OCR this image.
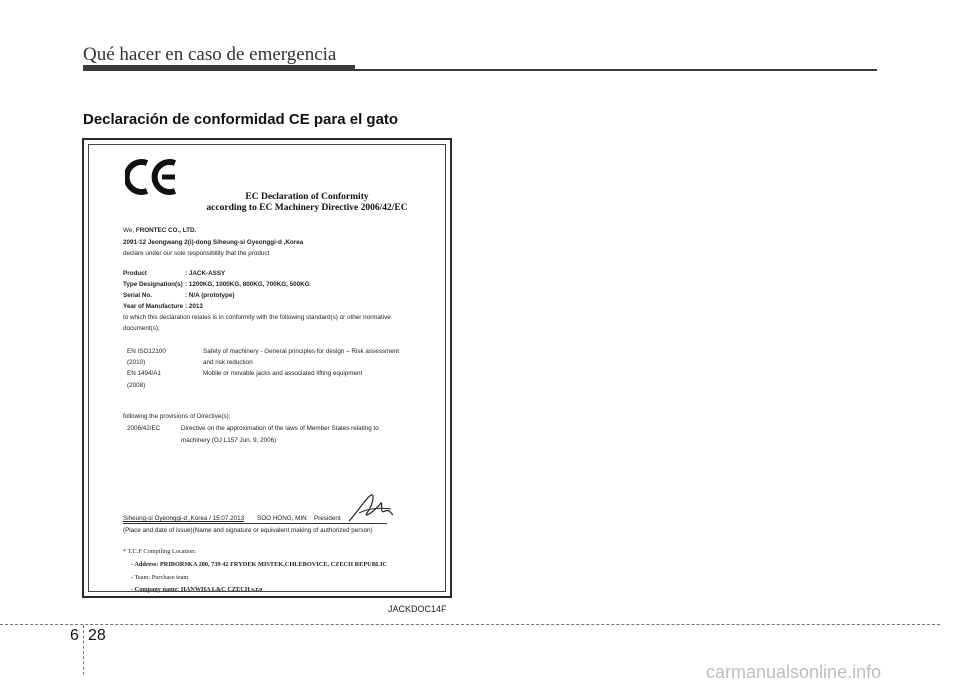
Qué hacer en caso de emergencia
Declaración de conformidad CE para el gato
EC Declaration of Conformity
according to EC Machinery Directive 2006/42/EC
We, FRONTEC CO., LTD.
2091-12 Jeongwang 2(i)-dong Siheung-si Gyeonggi-d ,Korea
declare under our sole responsibility that the product
Product	: JACK-ASSY
Type Designation(s) : 1200KG, 1000KG, 800KG, 700KG, 500KG
Serial No.	: N/A (prototype)
Year of Manufacture : 2013
to which this declaration relates is in conformity with the following standard(s) or other normative
document(s);
EN ISO12100	Safety of machinery - General principles for design – Risk assessment
(2010)	and risk reduction
EN 1494/A1	Mobile or movable jacks and associated lifting equipment
(2008)
following the provisions of Directive(s);
2006/42/EC	Directive on the approximation of the laws of Member States relating to
machinery (OJ L157 Jun, 9, 2006)
Siheung-si Gyeonggi-d ,Korea / 15.07.2013 SOO HONG, MIN President
(Place and date of issue)(Name and signature or equivalent making of authorized person)
* T.C.F Compiling Location:
- Address: PRIBORSKA 280, 739 42 FRYDEK MISTEK,CHLEBOVICE, CZECH REPUBLIC
- Team: Purchase team
- Company name: HANWHA L&C CZECH s.r.o
JACKDOC14F
6 28
carmanualsonline.info
